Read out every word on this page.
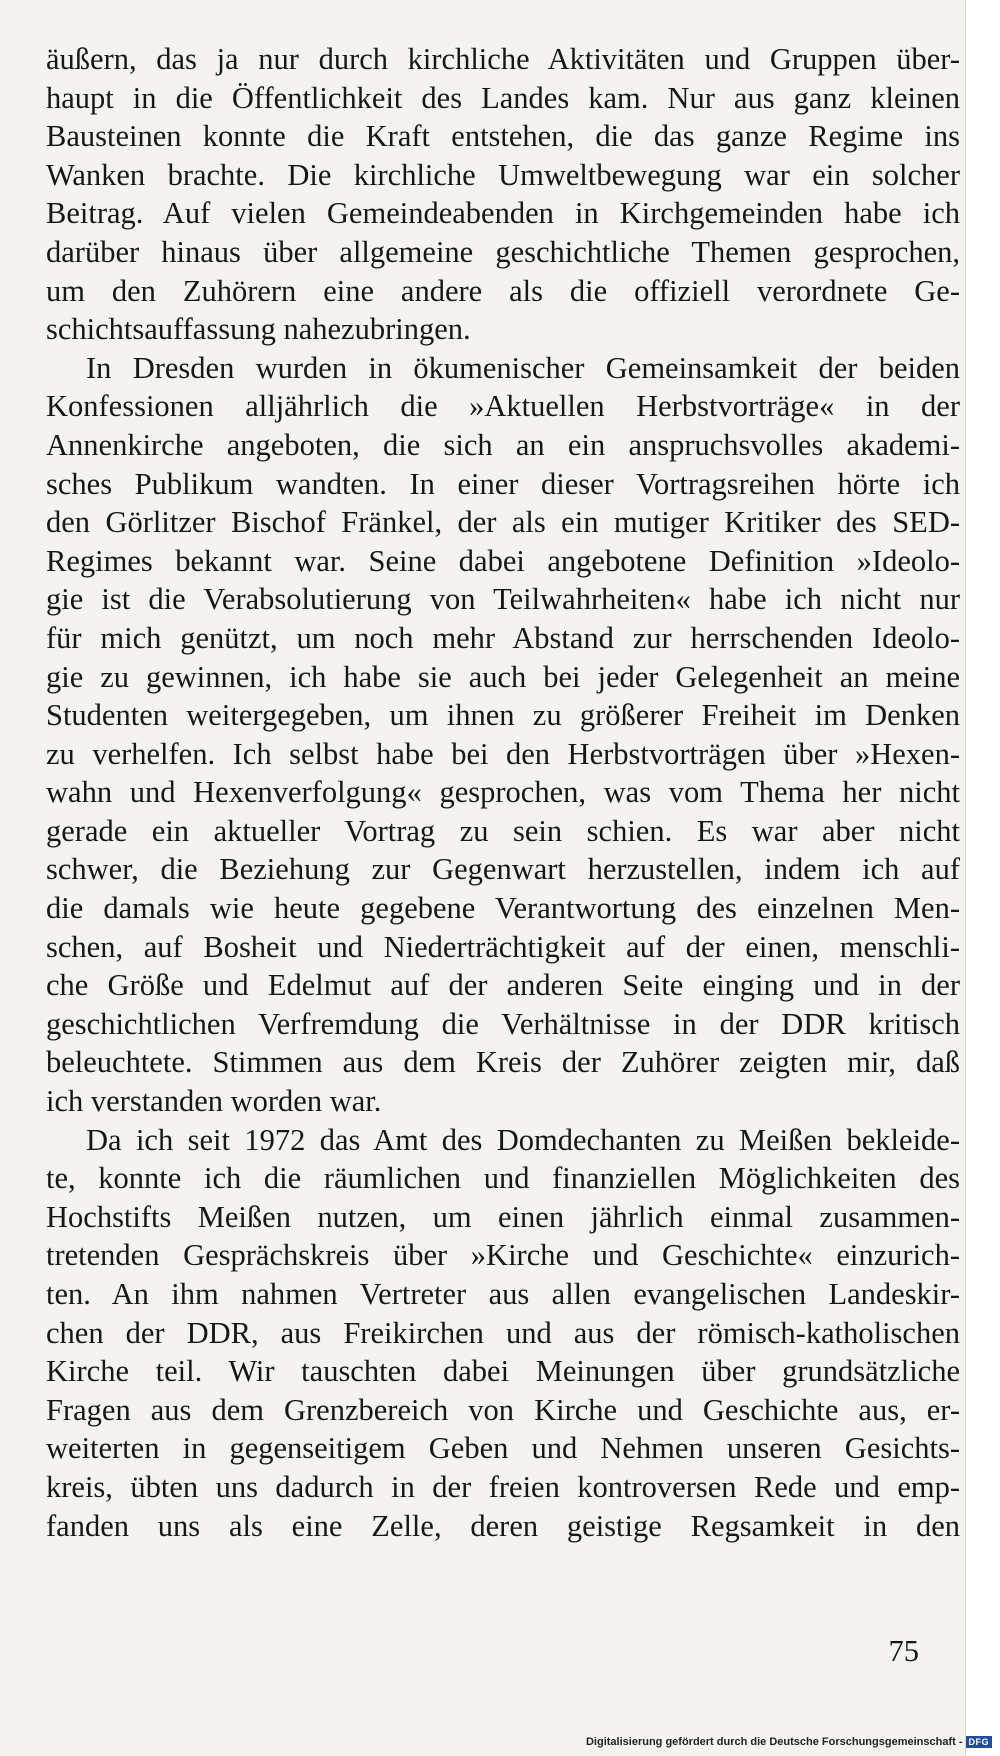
äußern, das ja nur durch kirchliche Aktivitäten und Gruppen über-
haupt in die Öffentlichkeit des Landes kam. Nur aus ganz kleinen
Bausteinen konnte die Kraft entstehen, die das ganze Regime ins
Wanken brachte. Die kirchliche Umweltbewegung war ein solcher
Beitrag. Auf vielen Gemeindeabenden in Kirchgemeinden habe ich
darüber hinaus über allgemeine geschichtliche Themen gesprochen,
um den Zuhörern eine andere als die offiziell verordnete Ge-
schichtsauffassung nahezubringen.
In Dresden wurden in ökumenischer Gemeinsamkeit der beiden
Konfessionen alljährlich die »Aktuellen Herbstvorträge« in der
Annenkirche angeboten, die sich an ein anspruchsvolles akademi-
sches Publikum wandten. In einer dieser Vortragsreihen hörte ich
den Görlitzer Bischof Fränkel, der als ein mutiger Kritiker des SED-
Regimes bekannt war. Seine dabei angebotene Definition »Ideolo-
gie ist die Verabsolutierung von Teilwahrheiten« habe ich nicht nur
für mich genützt, um noch mehr Abstand zur herrschenden Ideolo-
gie zu gewinnen, ich habe sie auch bei jeder Gelegenheit an meine
Studenten weitergegeben, um ihnen zu größerer Freiheit im Denken
zu verhelfen. Ich selbst habe bei den Herbstvorträgen über »Hexen-
wahn und Hexenverfolgung« gesprochen, was vom Thema her nicht
gerade ein aktueller Vortrag zu sein schien. Es war aber nicht
schwer, die Beziehung zur Gegenwart herzustellen, indem ich auf
die damals wie heute gegebene Verantwortung des einzelnen Men-
schen, auf Bosheit und Niederträchtigkeit auf der einen, menschli-
che Größe und Edelmut auf der anderen Seite einging und in der
geschichtlichen Verfremdung die Verhältnisse in der DDR kritisch
beleuchtete. Stimmen aus dem Kreis der Zuhörer zeigten mir, daß
ich verstanden worden war.
Da ich seit 1972 das Amt des Domdechanten zu Meißen bekleide-
te, konnte ich die räumlichen und finanziellen Möglichkeiten des
Hochstifts Meißen nutzen, um einen jährlich einmal zusammen-
tretenden Gesprächskreis über »Kirche und Geschichte« einzurich-
ten. An ihm nahmen Vertreter aus allen evangelischen Landeskir-
chen der DDR, aus Freikirchen und aus der römisch-katholischen
Kirche teil. Wir tauschten dabei Meinungen über grundsätzliche
Fragen aus dem Grenzbereich von Kirche und Geschichte aus, er-
weiterten in gegenseitigem Geben und Nehmen unseren Gesichts-
kreis, übten uns dadurch in der freien kontroversen Rede und emp-
fanden uns als eine Zelle, deren geistige Regsamkeit in den
75
Digitalisierung gefördert durch die Deutsche Forschungsgemeinschaft - DFG
